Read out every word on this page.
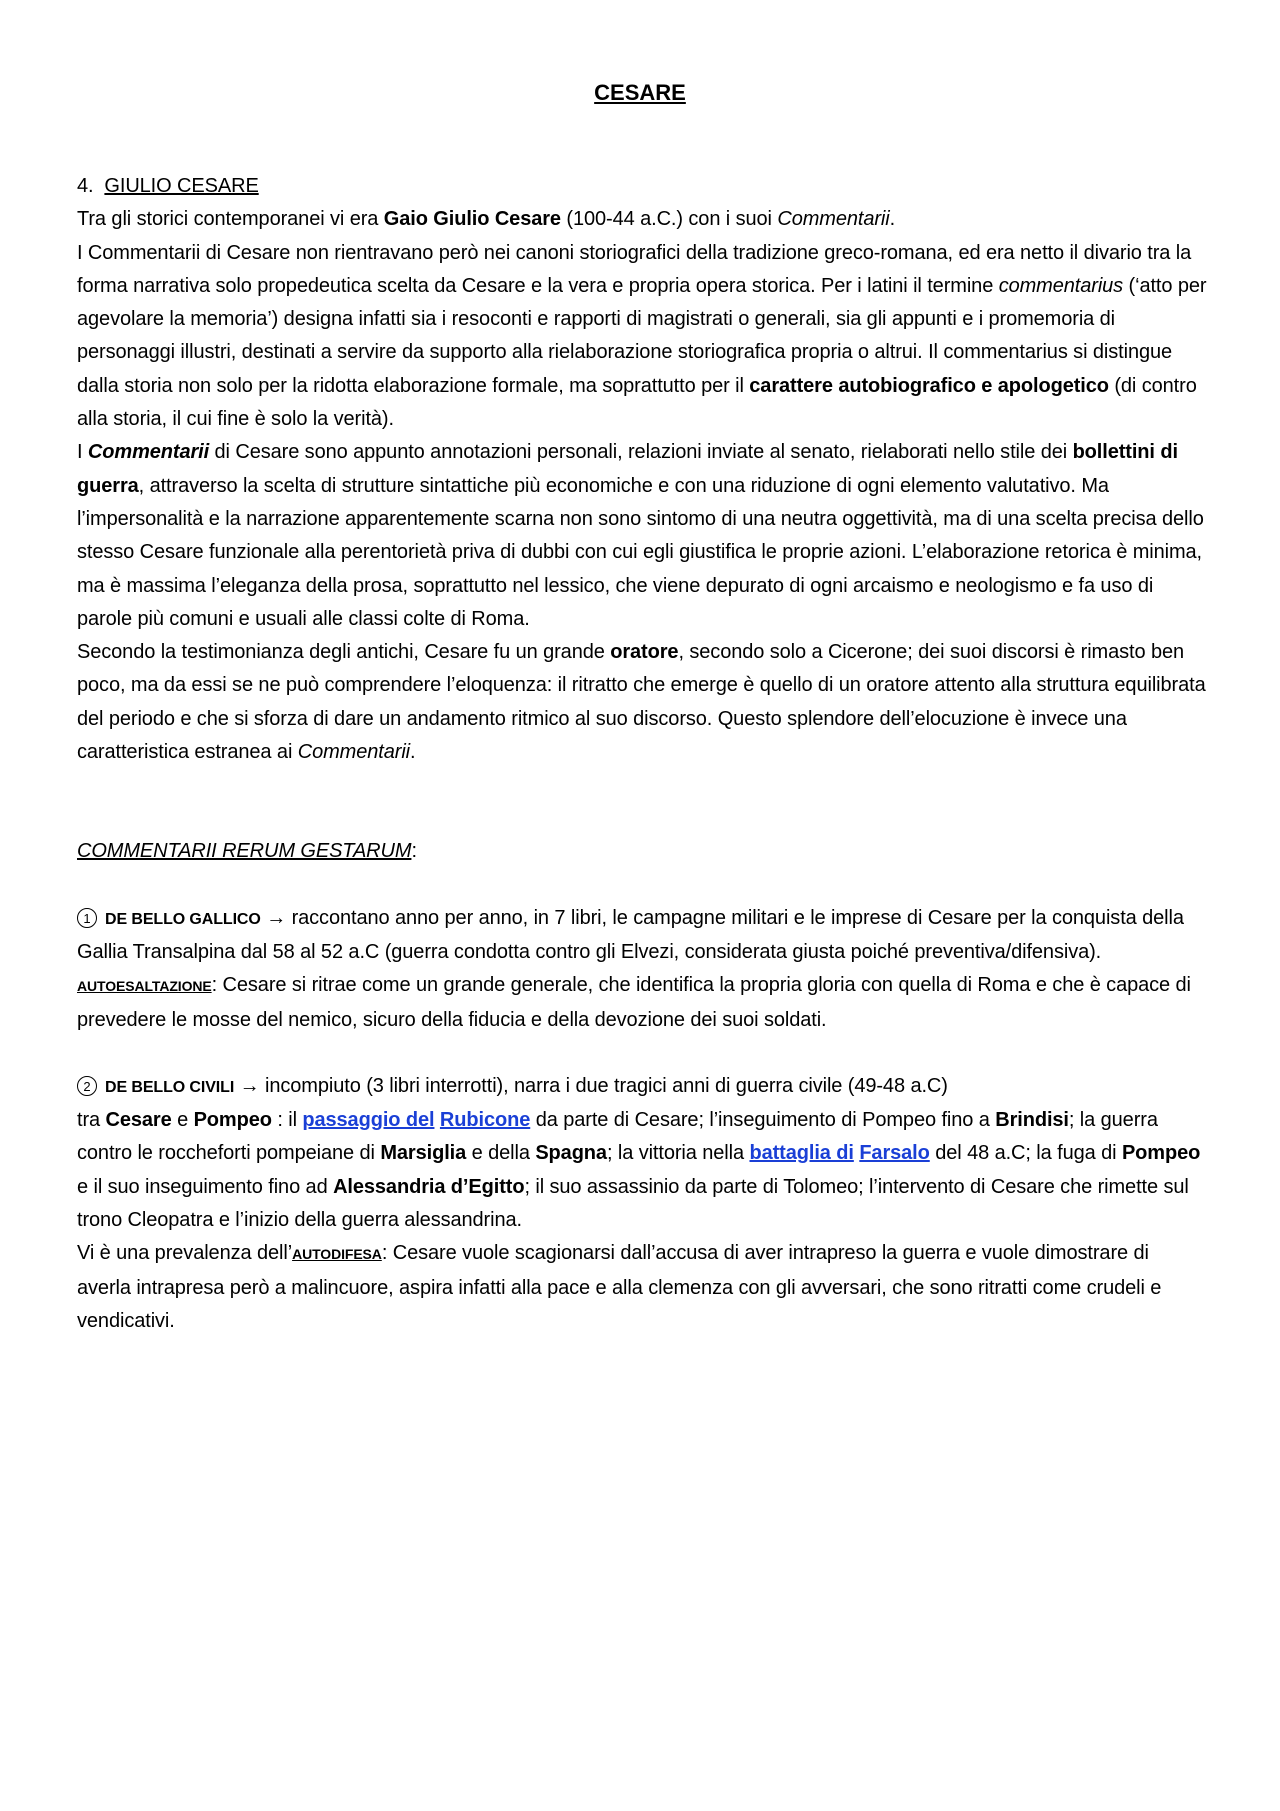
CESARE

4. GIULIO CESARE

Tra gli storici contemporanei vi era Gaio Giulio Cesare (100-44 a.C.) con i suoi Commentarii.

I Commentarii di Cesare non rientravano però nei canoni storiografici della tradizione greco-romana, ed era netto il divario tra la forma narrativa solo propedeutica scelta da Cesare e la vera e propria opera storica. Per i latini il termine commentarius (‘atto per agevolare la memoria’) designa infatti sia i resoconti e rapporti di magistrati o generali, sia gli appunti e i promemoria di personaggi illustri, destinati a servire da supporto alla rielaborazione storiografica propria o altrui. Il commentarius si distingue dalla storia non solo per la ridotta elaborazione formale, ma soprattutto per il carattere autobiografico e apologetico (di contro alla storia, il cui fine è solo la verità).

I Commentarii di Cesare sono appunto annotazioni personali, relazioni inviate al senato, rielaborati nello stile dei bollettini di guerra, attraverso la scelta di strutture sintattiche più economiche e con una riduzione di ogni elemento valutativo. Ma l’impersonalità e la narrazione apparentemente scarna non sono sintomo di una neutra oggettività, ma di una scelta precisa dello stesso Cesare funzionale alla perentorietà priva di dubbi con cui egli giustifica le proprie azioni. L’elaborazione retorica è minima, ma è massima l’eleganza della prosa, soprattutto nel lessico, che viene depurato di ogni arcaismo e neologismo e fa uso di parole più comuni e usuali alle classi colte di Roma.

Secondo la testimonianza degli antichi, Cesare fu un grande oratore, secondo solo a Cicerone; dei suoi discorsi è rimasto ben poco, ma da essi se ne può comprendere l’eloquenza: il ritratto che emerge è quello di un oratore attento alla struttura equilibrata del periodo e che si sforza di dare un andamento ritmico al suo discorso. Questo splendore dell’elocuzione è invece una caratteristica estranea ai Commentarii.

COMMENTARII RERUM GESTARUM:

1 DE BELLO GALLICO → raccontano anno per anno, in 7 libri, le campagne militari e le imprese di Cesare per la conquista della Gallia Transalpina dal 58 al 52 a.C (guerra condotta contro gli Elvezi, considerata giusta poiché preventiva/difensiva).

AUTOESALTAZIONE: Cesare si ritrae come un grande generale, che identifica la propria gloria con quella di Roma e che è capace di prevedere le mosse del nemico, sicuro della fiducia e della devozione dei suoi soldati.

2 DE BELLO CIVILI → incompiuto (3 libri interrotti), narra i due tragici anni di guerra civile (49-48 a.C)

tra Cesare e Pompeo : il passaggio del Rubicone da parte di Cesare; l’inseguimento di Pompeo fino a Brindisi; la guerra contro le roccheforti pompeiane di Marsiglia e della Spagna; la vittoria nella battaglia di Farsalo del 48 a.C; la fuga di Pompeo e il suo inseguimento fino ad Alessandria d’Egitto; il suo assassinio da parte di Tolomeo; l’intervento di Cesare che rimette sul trono Cleopatra e l’inizio della guerra alessandrina.

Vi è una prevalenza dell’AUTODIFESA: Cesare vuole scagionarsi dall’accusa di aver intrapreso la guerra e vuole dimostrare di averla intrapresa però a malincuore, aspira infatti alla pace e alla clemenza con gli avversari, che sono ritratti come crudeli e vendicativi.
